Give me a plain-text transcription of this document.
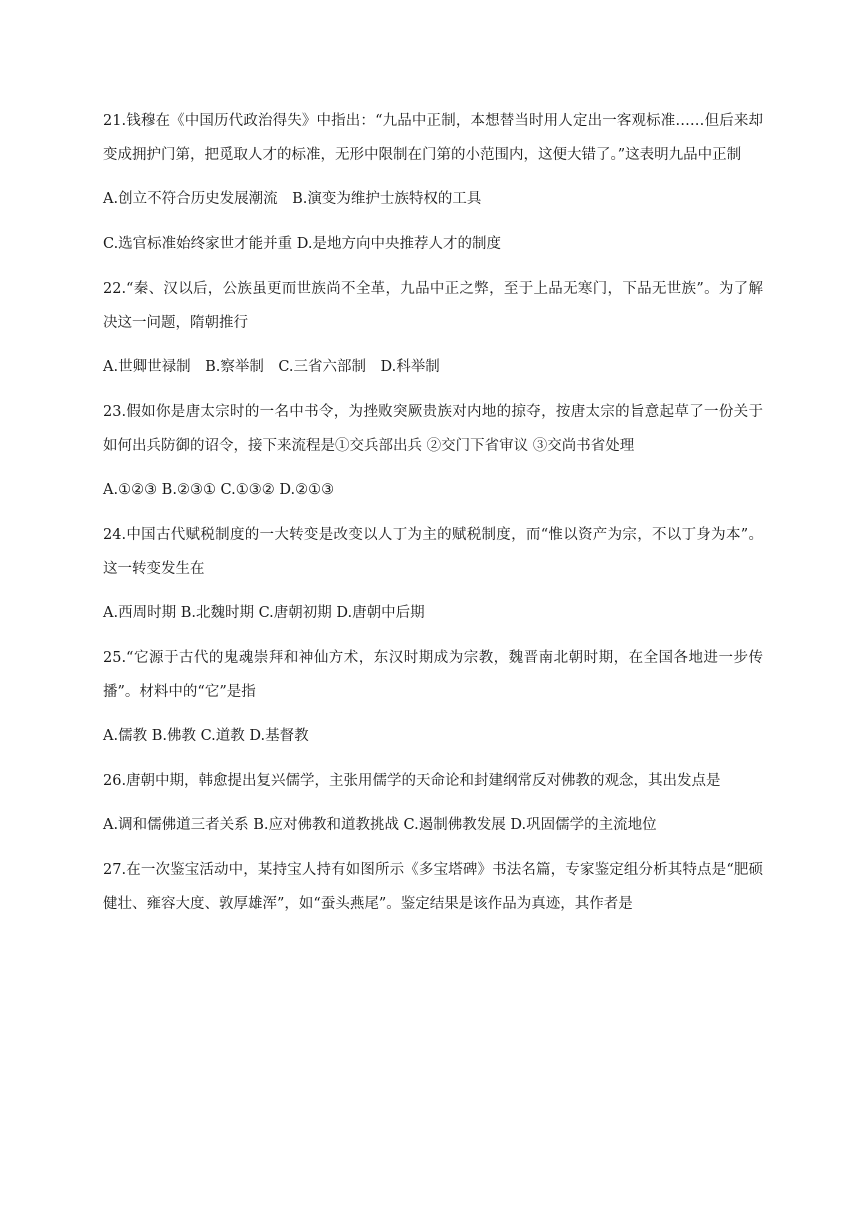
21.钱穆在《中国历代政治得失》中指出：“九品中正制，本想替当时用人定出一客观标准……但后来却变成拥护门第，把觅取人才的标准，无形中限制在门第的小范围内，这便大错了。”这表明九品中正制

A.创立不符合历史发展潮流　B.演变为维护士族特权的工具

C.选官标准始终家世才能并重 D.是地方向中央推荐人才的制度

22.“秦、汉以后，公族虽更而世族尚不全革，九品中正之弊，至于上品无寒门，下品无世族”。为了解决这一问题，隋朝推行

A.世卿世禄制　B.察举制　C.三省六部制　D.科举制

23.假如你是唐太宗时的一名中书令，为挫败突厥贵族对内地的掠夺，按唐太宗的旨意起草了一份关于如何出兵防御的诏令，接下来流程是①交兵部出兵 ②交门下省审议 ③交尚书省处理

A.①②③ B.②③① C.①③② D.②①③

24.中国古代赋税制度的一大转变是改变以人丁为主的赋税制度，而“惟以资产为宗，不以丁身为本”。这一转变发生在

A.西周时期 B.北魏时期 C.唐朝初期 D.唐朝中后期

25.“它源于古代的鬼魂崇拜和神仙方术，东汉时期成为宗教，魏晋南北朝时期，在全国各地进一步传播”。材料中的“它”是指

A.儒教 B.佛教 C.道教 D.基督教

26.唐朝中期，韩愈提出复兴儒学，主张用儒学的天命论和封建纲常反对佛教的观念，其出发点是

A.调和儒佛道三者关系 B.应对佛教和道教挑战 C.遏制佛教发展 D.巩固儒学的主流地位

27.在一次鉴宝活动中，某持宝人持有如图所示《多宝塔碑》书法名篇，专家鉴定组分析其特点是“肥硕健壮、雍容大度、敦厚雄浑”，如“蚕头燕尾”。鉴定结果是该作品为真迹，其作者是
